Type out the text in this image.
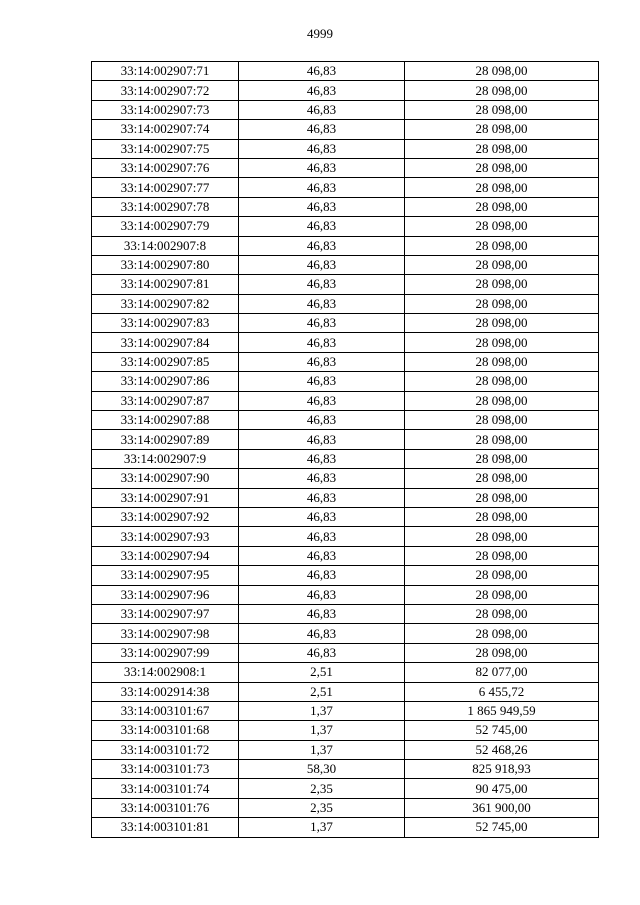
4999
33:14:002907:71	46,83	28 098,00
33:14:002907:72	46,83	28 098,00
33:14:002907:73	46,83	28 098,00
33:14:002907:74	46,83	28 098,00
33:14:002907:75	46,83	28 098,00
33:14:002907:76	46,83	28 098,00
33:14:002907:77	46,83	28 098,00
33:14:002907:78	46,83	28 098,00
33:14:002907:79	46,83	28 098,00
33:14:002907:8	46,83	28 098,00
33:14:002907:80	46,83	28 098,00
33:14:002907:81	46,83	28 098,00
33:14:002907:82	46,83	28 098,00
33:14:002907:83	46,83	28 098,00
33:14:002907:84	46,83	28 098,00
33:14:002907:85	46,83	28 098,00
33:14:002907:86	46,83	28 098,00
33:14:002907:87	46,83	28 098,00
33:14:002907:88	46,83	28 098,00
33:14:002907:89	46,83	28 098,00
33:14:002907:9	46,83	28 098,00
33:14:002907:90	46,83	28 098,00
33:14:002907:91	46,83	28 098,00
33:14:002907:92	46,83	28 098,00
33:14:002907:93	46,83	28 098,00
33:14:002907:94	46,83	28 098,00
33:14:002907:95	46,83	28 098,00
33:14:002907:96	46,83	28 098,00
33:14:002907:97	46,83	28 098,00
33:14:002907:98	46,83	28 098,00
33:14:002907:99	46,83	28 098,00
33:14:002908:1	2,51	82 077,00
33:14:002914:38	2,51	6 455,72
33:14:003101:67	1,37	1 865 949,59
33:14:003101:68	1,37	52 745,00
33:14:003101:72	1,37	52 468,26
33:14:003101:73	58,30	825 918,93
33:14:003101:74	2,35	90 475,00
33:14:003101:76	2,35	361 900,00
33:14:003101:81	1,37	52 745,00
